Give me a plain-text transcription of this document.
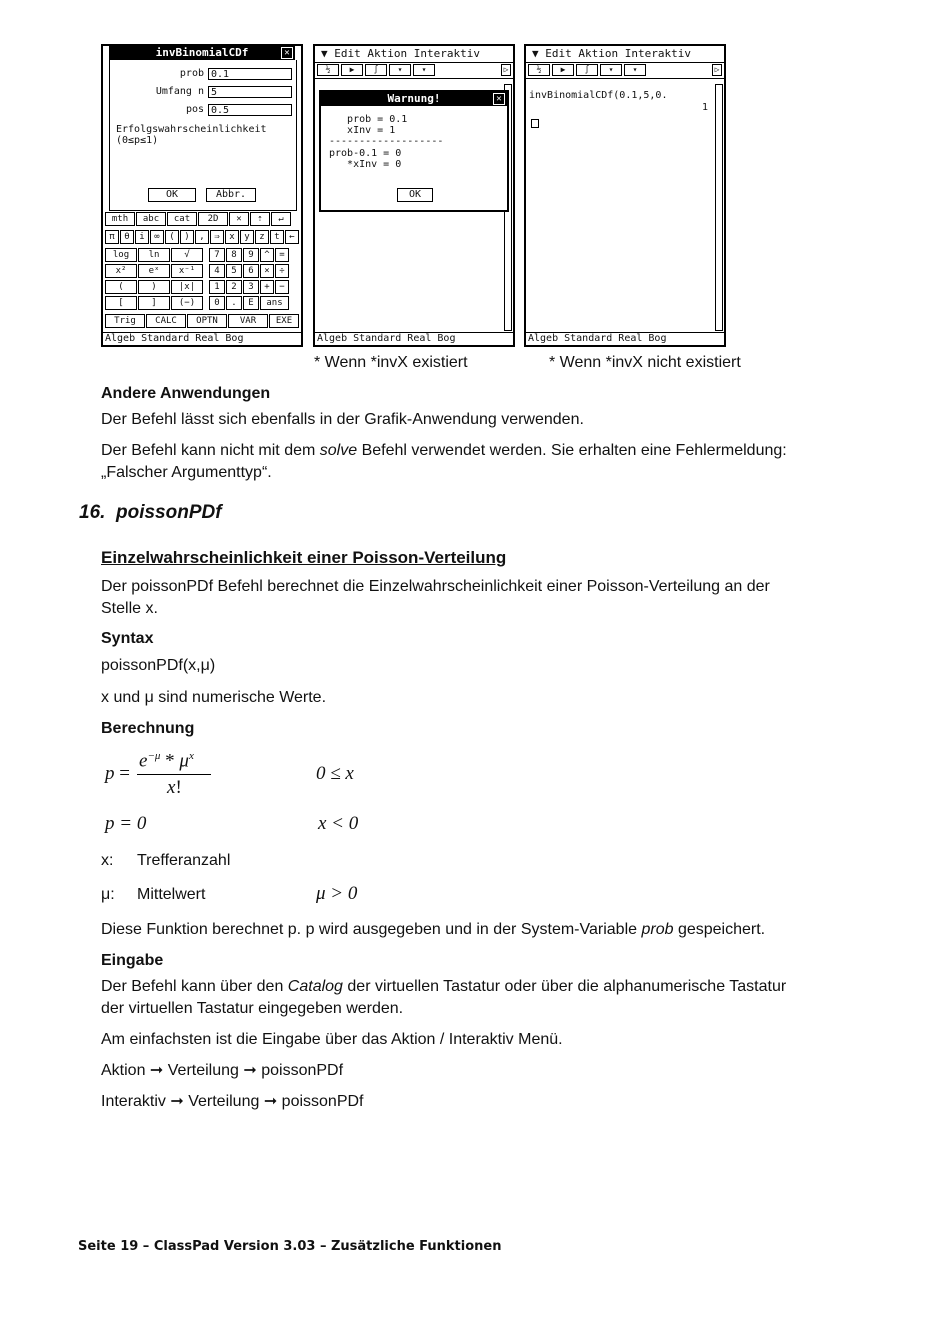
invBinomialCDf	✕
prob 0.1
Umfang n 5
pos 0.5
Erfolgswahrscheinlichkeit
(0≤p≤1)
OK	Abbr.
mth	abc	cat	2D	✕	⇡	↵
π	θ	i	∞	(	)	,	⇒	x	y	z	t	←
log	ln	√	7	8	9	^	=
x²	eˣ	x⁻¹	4	5	6	×	÷
(	)	|x|	1	2	3	+	−
[	]	(−)	0	.	E	ans
Trig	CALC	OPTN	VAR	EXE
Algeb Standard Real Bog
▼ Edit Aktion Interaktiv
½	▶	∫	▾	▾	▷
Warnung!	✕
prob = 0.1
xInv = 1
-------------------
prob-0.1 = 0
*xInv = 0
OK
Algeb Standard Real Bog
▼ Edit Aktion Interaktiv
½	▶	∫	▾	▾	▷
invBinomialCDf(0.1,5,0.
1
Algeb Standard Real Bog
* Wenn *invX existiert	* Wenn *invX nicht existiert
Andere Anwendungen
Der Befehl lässt sich ebenfalls in der Grafik-Anwendung verwenden.
Der Befehl kann nicht mit dem solve Befehl verwendet werden. Sie erhalten eine Fehlermeldung:
„Falscher Argumenttyp“.
16. poissonPDf
Einzelwahrscheinlichkeit einer Poisson-Verteilung
Der poissonPDf Befehl berechnet die Einzelwahrscheinlichkeit einer Poisson-Verteilung an der
Stelle x.
Syntax
poissonPDf(x,μ)
x und μ sind numerische Werte.
Berechnung
p =
$e^{-\mu} * \mu^x$
x!
0 ≤ x
p = 0	x < 0
x: Trefferanzahl
μ: Mittelwert	μ > 0
Diese Funktion berechnet p. p wird ausgegeben und in der System-Variable prob gespeichert.
Eingabe
Der Befehl kann über den Catalog der virtuellen Tastatur oder über die alphanumerische Tastatur
der virtuellen Tastatur eingegeben werden.
Am einfachsten ist die Eingabe über das Aktion / Interaktiv Menü.
Aktion ➞ Verteilung ➞ poissonPDf
Interaktiv ➞ Verteilung ➞ poissonPDf
Seite 19 – ClassPad Version 3.03 – Zusätzliche Funktionen
